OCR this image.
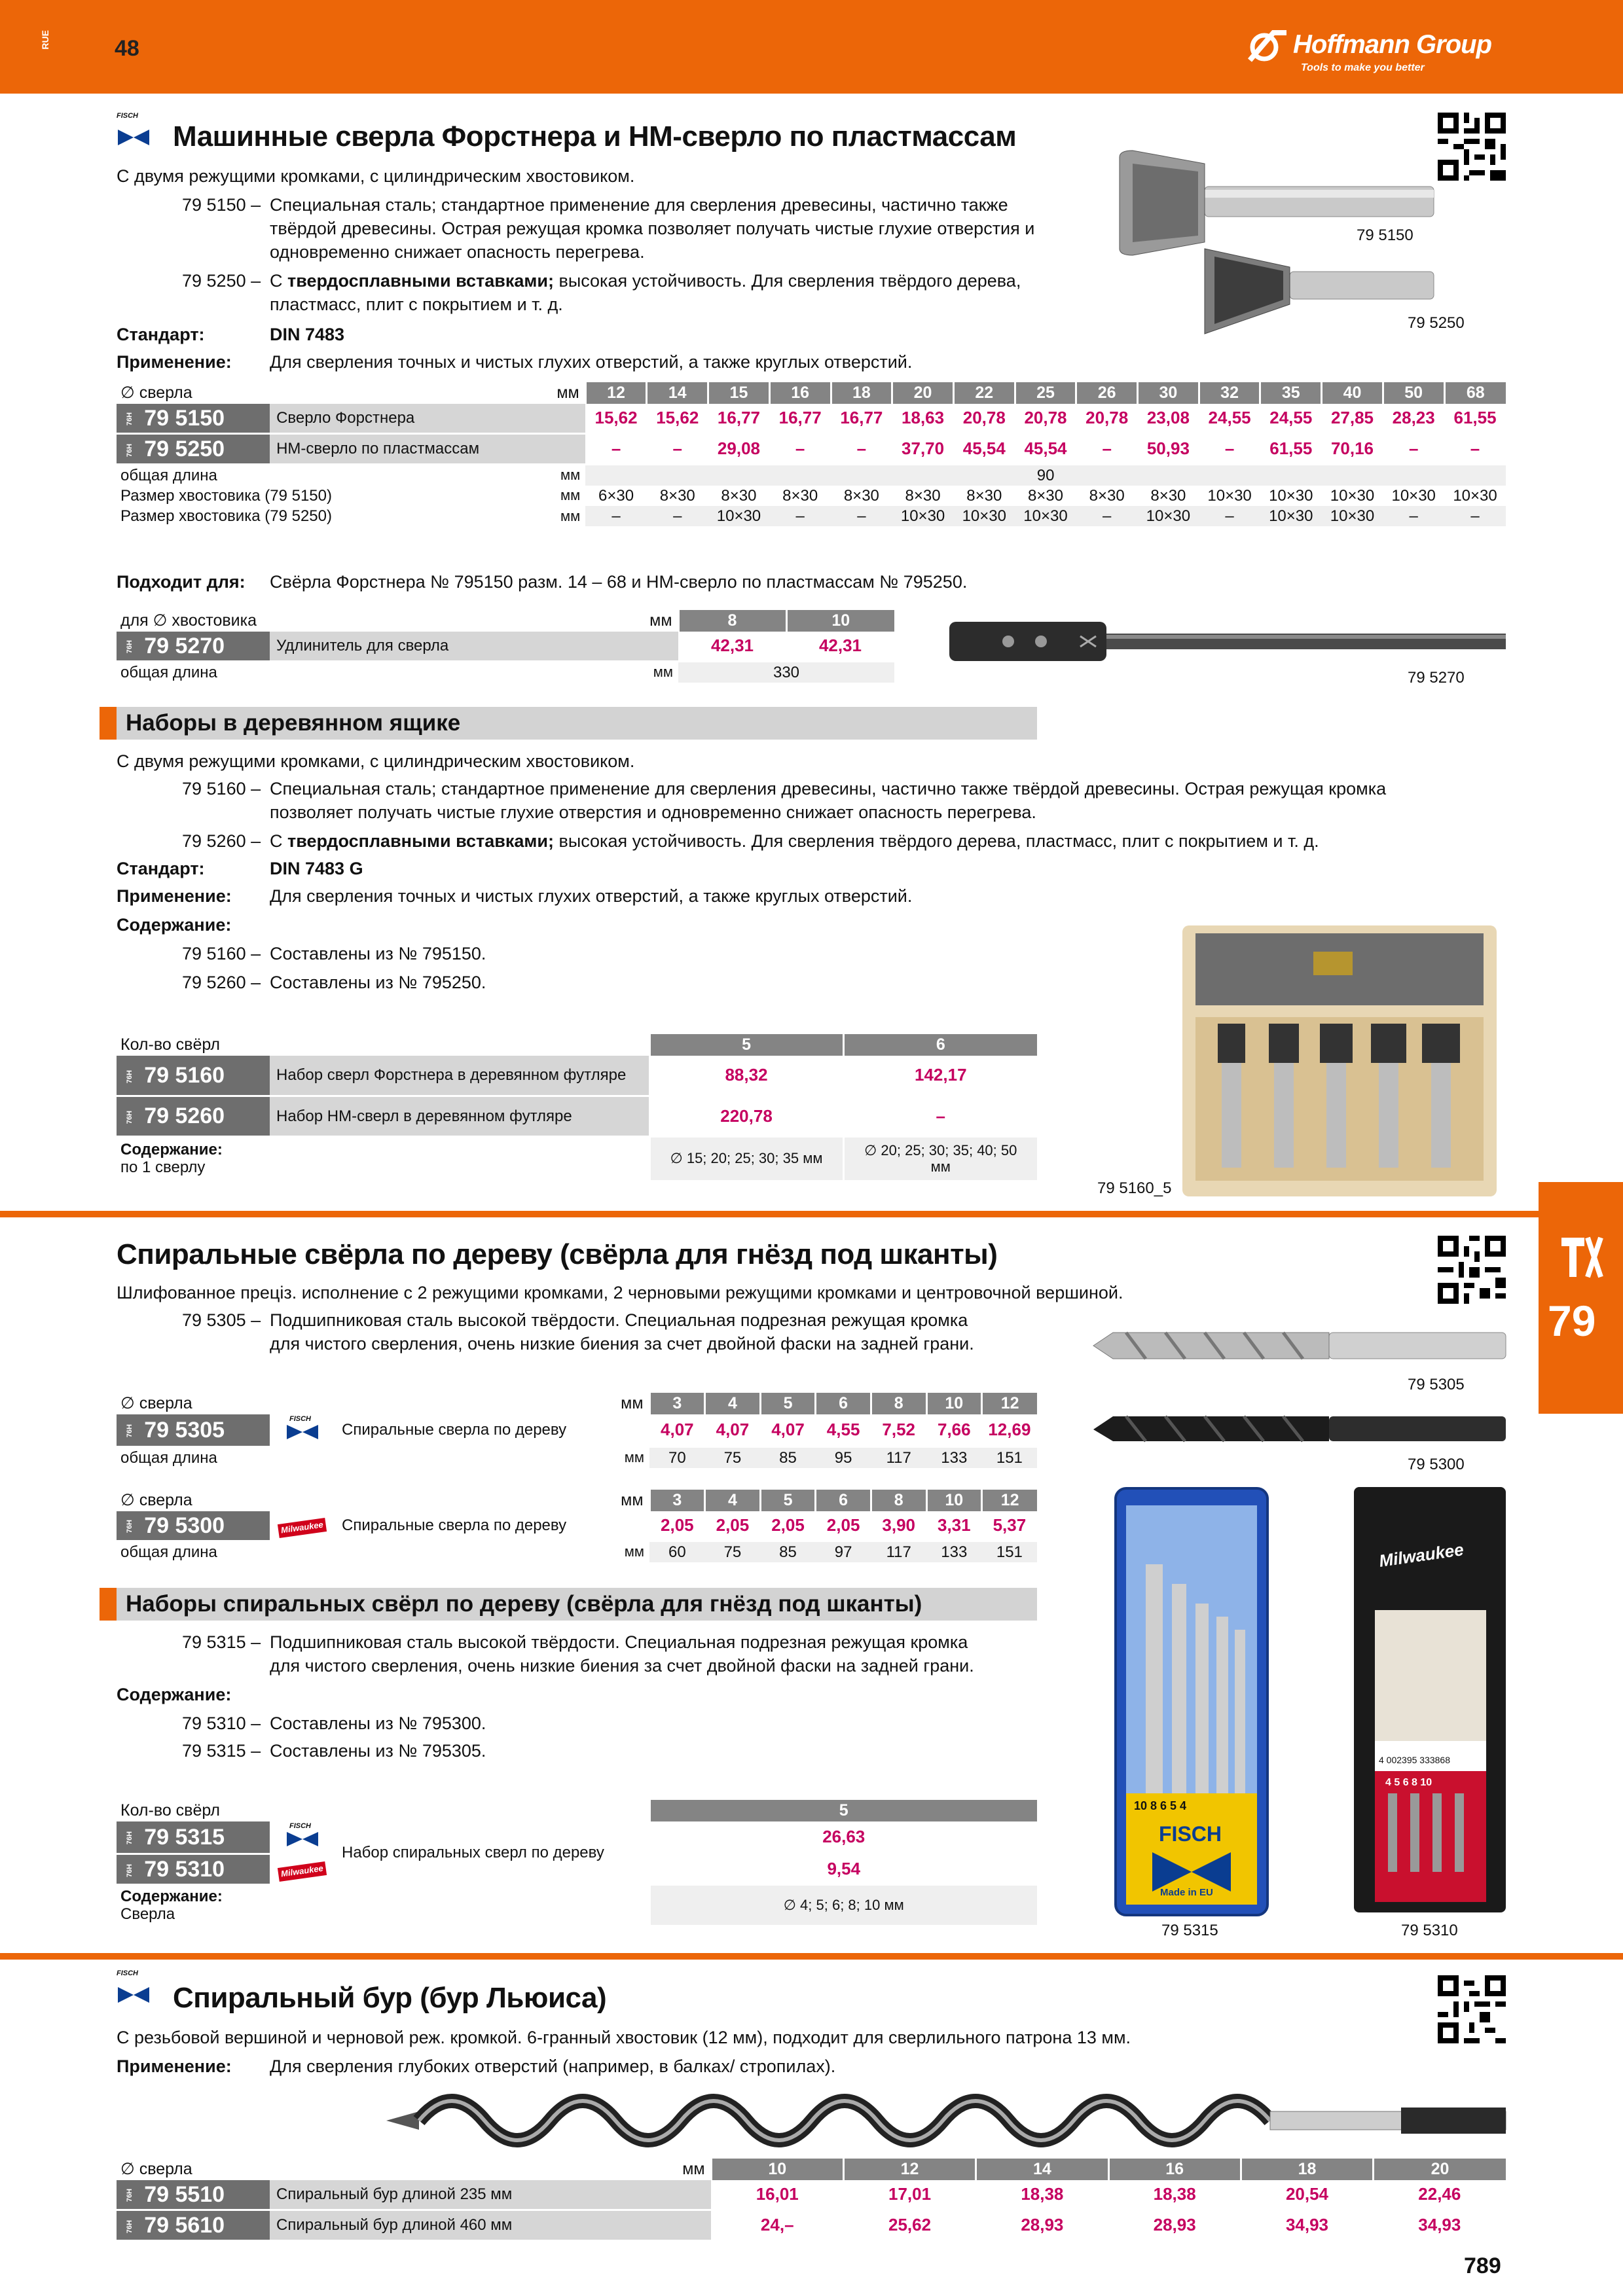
RUE	48	Hoffmann Group
Tools to make you better
FISCH
Машинные сверла Форстнера и НМ-сверло по пластмассам
С двумя режущими кромками, с цилиндрическим хвостовиком.
79 5150 – Специальная сталь; стандартное применение для сверления древесины, частично также
твёрдой древесины. Острая режущая кромка позволяет получать чистые глухие отверстия и
одновременно снижает опасность перегрева.
79 5250 – С твердосплавными вставками; высокая устойчивость. Для сверления твёрдого дерева,
пластмасс, плит с покрытием и т. д.
Стандарт:	DIN 7483
Применение: Для сверления точных и чистых глухих отверстий, а также круглых отверстий.
79 5150
79 5250
∅ сверла		мм	12	14	15	16	18	20	22	25	26	30	32	35	40	50	68
76H 79 5150	Сверло Форстнера		15,62	15,62	16,77	16,77	16,77	18,63	20,78	20,78	20,78	23,08	24,55	24,55	27,85	28,23	61,55
76H 79 5250	НМ-сверло по пластмассам		–	–	29,08	–	–	37,70	45,54	45,54	–	50,93	–	61,55	70,16	–	–
общая длина		мм	90														
Размер хвостовика (79 5150)		мм	6×30	8×30	8×30	8×30	8×30	8×30	8×30	8×30	8×30	8×30	10×30	10×30	10×30	10×30	10×30
Размер хвостовика (79 5250)		мм	–	–	10×30	–	–	10×30	10×30	10×30	–	10×30	–	10×30	10×30	–	–
Подходит для: Свёрла Форстнера № 795150 разм. 14 – 68 и НМ-сверло по пластмассам № 795250.
для ∅ хвостовика		мм	8	10
76H 79 5270	Удлинитель для сверла		42,31	42,31
общая длина		мм	330		79 5270
Наборы в деревянном ящике
С двумя режущими кромками, с цилиндрическим хвостовиком.
79 5160 – Специальная сталь; стандартное применение для сверления древесины, частично также твёрдой древесины. Острая режущая кромка
позволяет получать чистые глухие отверстия и одновременно снижает опасность перегрева.
79 5260 – С твердосплавными вставками; высокая устойчивость. Для сверления твёрдого дерева, пластмасс, плит с покрытием и т. д.
Стандарт:	DIN 7483 G
Применение: Для сверления точных и чистых глухих отверстий, а также круглых отверстий.
Содержание:
79 5160 – Составлены из № 795150.
79 5260 – Составлены из № 795250.
79 5160_5
Кол-во свёрл		5	6
76H 79 5160	Набор сверл Форстнера в деревянном футляре	88,32	142,17
76H 79 5260	Набор НМ-сверл в деревянном футляре	220,78	–
Содержание:
по 1 сверлу		∅ 15; 20; 25; 30; 35 мм	∅ 20; 25; 30; 35; 40; 50
мм
79
Спиральные свёрла по дереву (свёрла для гнёзд под шканты)
Шлифованное преціз. исполнение с 2 режущими кромками, 2 черновыми режущими кромками и центровочной вершиной.
79 5305 – Подшипниковая сталь высокой твёрдости. Специальная подрезная режущая кромка
для чистого сверления, очень низкие биения за счет двойной фаски на задней грани.
79 5305
79 5300
∅ сверла			мм	3	4	5	6	8	10	12
76H 79 5305	FISCH	Спиральные сверла по дереву		4,07	4,07	4,07	4,55	7,52	7,66	12,69
общая длина			мм	70	75	85	95	117	133	151
∅ сверла			мм	3	4	5	6	8	10	12
76H 79 5300	Milwaukee	Спиральные сверла по дереву		2,05	2,05	2,05	2,05	3,90	3,31	5,37
общая длина			мм	60	75	85	97	117	133	151
Наборы спиральных свёрл по дереву (свёрла для гнёзд под шканты)
79 5315 – Подшипниковая сталь высокой твёрдости. Специальная подрезная режущая кромка
для чистого сверления, очень низкие биения за счет двойной фаски на задней грани.
Содержание:
79 5310 – Составлены из № 795300.
79 5315 – Составлены из № 795305.
10 8 6 5 4
FISCH
Made in EU
79 5315
Milwaukee
4 002395 333868
4 5 6 8 10
79 5310
Кол-во свёрл			5
76H 79 5315	FISCH	Набор спиральных сверл по дереву	26,63
76H 79 5310	Milwaukee		9,54
Содержание:
Сверла			∅ 4; 5; 6; 8; 10 мм
FISCH
Спиральный бур (бур Льюиса)
С резьбовой вершиной и черновой реж. кромкой. 6-гранный хвостовик (12 мм), подходит для сверлильного патрона 13 мм.
Применение: Для сверления глубоких отверстий (например, в балках/ стропилах).
∅ сверла		мм	10	12	14	16	18	20
76H 79 5510	Спиральный бур длиной 235 мм		16,01	17,01	18,38	18,38	20,54	22,46
76H 79 5610	Спиральный бур длиной 460 мм		24,–	25,62	28,93	28,93	34,93	34,93
789
